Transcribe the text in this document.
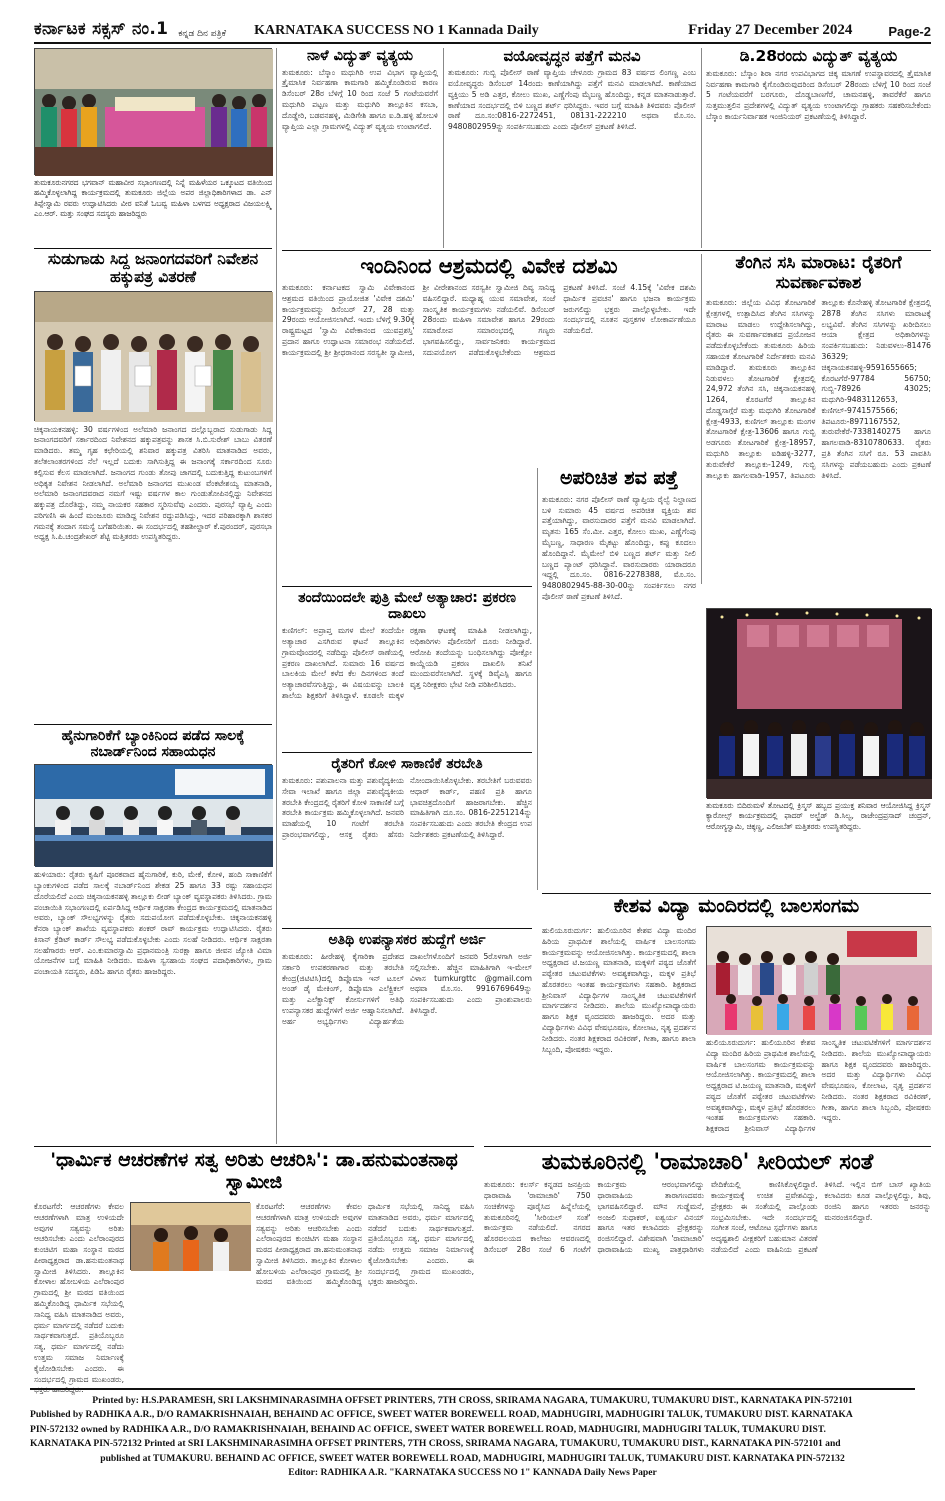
ಕರ್ನಾಟಕ ಸಕ್ಸಸ್ ನಂ.1 ಕನ್ನಡ ದಿನ ಪತ್ರಿಕೆ KARNATAKA SUCCESS NO 1 Kannada Daily	Friday 27 December 2024	Page-2
ತುಮಕೂರುನಗರದ ಭಗವಾನ್ ಮಹಾವೀರ ಸಭಾಂಗಣದಲ್ಲಿ ನಿನ್ನೆ ಮಹಿಳೆಯರ ಒಕ್ಕೂಟದ ವತಿಯಿಂದ ಹಮ್ಮಿಕೊಳ್ಳಲಾಗಿದ್ದ ಕಾರ್ಯಕ್ರಮದಲ್ಲಿ ತುಮಕೂರು ಜಿಲ್ಲೆಯ ಅಪರ ಜಿಲ್ಲಾಧಿಕಾರಿಗಳಾದ ಡಾ. ಎನ್ ತಿಪ್ಪೇಸ್ವಾಮಿ ರವರು ಉದ್ಘಾಟಿಸಿದರು ವೀರ ವನಿತೆ ಓಬವ್ವ ಮಹಿಳಾ ಬಳಗದ ಅಧ್ಯಕ್ಷರಾದ ವಿಜಯಲಕ್ಷ್ಮಿ ಎಂ.ಆರ್. ಮತ್ತು ಸಂಘದ ಸದಸ್ಯರು ಹಾಜರಿದ್ದರು
ಸುಡುಗಾಡು ಸಿದ್ದ ಜನಾಂಗದವರಿಗೆ ನಿವೇಶನ ಹಕ್ಕುಪತ್ರ ವಿತರಣೆ
ಚಿಕ್ಕನಾಯಕನಹಳ್ಳಿ: 30 ವರ್ಷಗಳಿಂದ ಅಲೆಮಾರಿ ಜನಾಂಗದ ದಲ್ಲೊಬ್ಬರಾದ ಸುಡುಗಾಡು ಸಿದ್ದ ಜನಾಂಗದವರಿಗೆ ಸರ್ಕಾರದಿಂದ ನಿವೇಶನದ ಹಕ್ಕುಪತ್ರವನ್ನು ಶಾಸಕ ಸಿ.ಬಿ.ಸುರೇಶ್ ಬಾಬು ವಿತರಣೆ ಮಾಡಿದರು. ತಮ್ಮ ಗೃಹ ಕಛೇರಿಯಲ್ಲಿ ಶನಿವಾರ ಹಕ್ಕುಪತ್ರ ವಿತರಿಸಿ ಮಾತನಾಡಿದ ಅವರು, ತಲೆತಲಾಂತರಗಳಿಂದ ನೆಲೆ ಇಲ್ಲದೆ ಬದುಕು ಸಾಗಿಸುತ್ತಿದ್ದ ಈ ಜನಾಂಗಕ್ಕೆ ಸರ್ಕಾರದಿಂದ ಸೂರು ಕಲ್ಪಿಸುವ ಕೆಲಸ ಮಾಡಲಾಗಿದೆ. ಜನಾಂಗದ ಗುಂಡು ತೋಪು ಜಾಗದಲ್ಲಿ ಬದುಕುತ್ತಿದ್ದ ಕುಟುಂಬಗಳಿಗೆ ಅಧಿಕೃತ ನಿವೇಶನ ನೀಡಲಾಗಿದೆ. ಅಲೆಮಾರಿ ಜನಾಂಗದ ಮುಖಂಡ ವೆಂಕಟೇಶಯ್ಯ ಮಾತನಾಡಿ, ಅಲೆಮಾರಿ ಜನಾಂಗದವರಾದ ನಮಗೆ ಇಷ್ಟು ವರ್ಷಗಳ ಕಾಲ ಗುಂಡುತೋಪಿನಲ್ಲಿದ್ದು ನಿವೇಶನದ ಹಕ್ಕುಪತ್ರ ದೊರೆತಿದ್ದು, ನಮ್ಮ ನಾಯಕರ ಸಹಕಾರ ಸ್ಮರಿಸುವೆವು ಎಂದರು. ಪುರಸಭೆ ವ್ಯಾಪ್ತಿ ಎಂದು ಪರಿಗಣಿಸಿ ಈ ಹಿಂದೆ ಮಂಜೂರು ಮಾಡಿದ್ದ ನಿವೇಶನ ರದ್ದುಪಡಿಸಿದ್ದು, ಇದರ ಪರಿಹಾರಕ್ಕಾಗಿ ಶಾಸಕರ ಗಮನಕ್ಕೆ ತಂದಾಗ ಸಮಸ್ಯೆ ಬಗೆಹರಿಯಿತು. ಈ ಸಂದರ್ಭದಲ್ಲಿ ತಹಶೀಲ್ದಾರ್ ಕೆ.ಪುರಂದರ್, ಪುರಸಭಾ ಅಧ್ಯಕ್ಷ ಸಿ.ಪಿ.ಚಂದ್ರಶೇಖರ್ ಶೆಟ್ಟಿ ಮತ್ತಿತರರು ಉಪಸ್ಥಿತರಿದ್ದರು.
ಹೈನುಗಾರಿಕೆಗೆ ಬ್ಯಾಂಕಿನಿಂದ ಪಡೆದ ಸಾಲಕ್ಕೆ ನಬಾರ್ಡ್‌ನಿಂದ ಸಹಾಯಧನ
ಹುಳಿಯಾರು: ರೈತರು ಕೃಷಿಗೆ ಪೂರಕವಾದ ಹೈನುಗಾರಿಕೆ, ಕುರಿ, ಮೇಕೆ, ಕೋಳಿ, ಹಂದಿ ಸಾಕಾಣಿಕೆಗೆ ಬ್ಯಾಂಕುಗಳಿಂದ ಪಡೆದ ಸಾಲಕ್ಕೆ ನಬಾರ್ಡ್‌ನಿಂದ ಶೇಕಡ 25 ಹಾಗೂ 33 ರಷ್ಟು ಸಹಾಯಧನ ದೊರೆಯಲಿದೆ ಎಂದು ಚಿಕ್ಕನಾಯಕನಹಳ್ಳಿ ತಾಲ್ಲೂಕು ಲೀಡ್ ಬ್ಯಾಂಕ್ ವ್ಯವಸ್ಥಾಪಕರು ತಿಳಿಸಿದರು. ಗ್ರಾಮ ಪಂಚಾಯಿತಿ ಸಭಾಂಗಣದಲ್ಲಿ ಏರ್ಪಡಿಸಿದ್ದ ಆರ್ಥಿಕ ಸಾಕ್ಷರತಾ ಕೇಂದ್ರದ ಕಾರ್ಯಕ್ರಮದಲ್ಲಿ ಮಾತನಾಡಿದ ಅವರು, ಬ್ಯಾಂಕ್ ಸೌಲಭ್ಯಗಳನ್ನು ರೈತರು ಸದುಪಯೋಗ ಪಡೆದುಕೊಳ್ಳಬೇಕು. ಚಿಕ್ಕನಾಯಕನಹಳ್ಳಿ ಕೆನರಾ ಬ್ಯಾಂಕ್ ಶಾಖೆಯ ವ್ಯವಸ್ಥಾಪಕರು ಶಂಕರ್ ರಾವ್ ಕಾರ್ಯಕ್ರಮ ಉದ್ಘಾಟಿಸಿದರು. ರೈತರು ಕಿಸಾನ್ ಕ್ರೆಡಿಟ್ ಕಾರ್ಡ್ ಸೌಲಭ್ಯ ಪಡೆದುಕೊಳ್ಳಬೇಕು ಎಂದು ಸಲಹೆ ನೀಡಿದರು. ಆರ್ಥಿಕ ಸಾಕ್ಷರತಾ ಸಲಹೆಗಾರರು ಆರ್. ಎಂ.ಕುಮಾರಸ್ವಾಮಿ ಪ್ರಧಾನಮಂತ್ರಿ ಸುರಕ್ಷಾ ಹಾಗೂ ಜೀವನ ಜ್ಯೋತಿ ವಿಮಾ ಯೋಜನೆಗಳ ಬಗ್ಗೆ ಮಾಹಿತಿ ನೀಡಿದರು. ಮಹಿಳಾ ಸ್ವಸಹಾಯ ಸಂಘದ ಪದಾಧಿಕಾರಿಗಳು, ಗ್ರಾಮ ಪಂಚಾಯತಿ ಸದಸ್ಯರು, ಪಿಡಿಓ ಹಾಗೂ ರೈತರು ಹಾಜರಿದ್ದರು.
'ಧಾರ್ಮಿಕ ಆಚರಣೆಗಳ ಸತ್ವ ಅರಿತು ಆಚರಿಸಿ': ಡಾ.ಹನುಮಂತನಾಥ ಸ್ವಾಮೀಜಿ
ಕೊರಟಗೆರೆ: ಆಚರಣೆಗಳು ಕೇವಲ ಆಚರಣೆಗಳಾಗಿ ಮಾತ್ರ ಉಳಿಯದೇ ಅವುಗಳ ಸತ್ವವನ್ನು ಅರಿತು ಆಚರಿಸಬೇಕು ಎಂದು ಎಲೆರಾಂಪುರದ ಕುಂಚಿಟಿಗ ಮಹಾ ಸಂಸ್ಥಾನ ಮಠದ ಪೀಠಾಧ್ಯಕ್ಷರಾದ ಡಾ.ಹನುಮಂತನಾಥ ಸ್ವಾಮೀಜಿ ತಿಳಿಸಿದರು. ತಾಲ್ಲೂಕಿನ ಕೋಳಾಲ ಹೋಬಳಿಯ ಎಲೆರಾಂಪುರ ಗ್ರಾಮದಲ್ಲಿ ಶ್ರೀ ಮಠದ ವತಿಯಿಂದ ಹಮ್ಮಿಕೊಂಡಿದ್ದ ಧಾರ್ಮಿಕ ಸಭೆಯಲ್ಲಿ ಸಾನಿಧ್ಯ ವಹಿಸಿ ಮಾತನಾಡಿದ ಅವರು, ಧರ್ಮ ಮಾರ್ಗದಲ್ಲಿ ನಡೆದರೆ ಬದುಕು ಸಾರ್ಥಕವಾಗುತ್ತದೆ. ಪ್ರತಿಯೊಬ್ಬರೂ ಸತ್ಯ, ಧರ್ಮ ಮಾರ್ಗದಲ್ಲಿ ನಡೆದು ಉತ್ತಮ ಸಮಾಜ ನಿರ್ಮಾಣಕ್ಕೆ ಕೈಜೋಡಿಸಬೇಕು ಎಂದರು. ಈ ಸಂದರ್ಭದಲ್ಲಿ ಗ್ರಾಮದ ಮುಖಂಡರು, ಭಕ್ತರು ಹಾಜರಿದ್ದರು.
ಕೊರಟಗೆರೆ: ಆಚರಣೆಗಳು ಕೇವಲ ಆಚರಣೆಗಳಾಗಿ ಮಾತ್ರ ಉಳಿಯದೇ ಅವುಗಳ ಸತ್ವವನ್ನು ಅರಿತು ಆಚರಿಸಬೇಕು ಎಂದು ಎಲೆರಾಂಪುರದ ಕುಂಚಿಟಿಗ ಮಹಾ ಸಂಸ್ಥಾನ ಮಠದ ಪೀಠಾಧ್ಯಕ್ಷರಾದ ಡಾ.ಹನುಮಂತನಾಥ ಸ್ವಾಮೀಜಿ ತಿಳಿಸಿದರು. ತಾಲ್ಲೂಕಿನ ಕೋಳಾಲ ಹೋಬಳಿಯ ಎಲೆರಾಂಪುರ ಗ್ರಾಮದಲ್ಲಿ ಶ್ರೀ ಮಠದ ವತಿಯಿಂದ ಹಮ್ಮಿಕೊಂಡಿದ್ದ ಧಾರ್ಮಿಕ ಸಭೆಯಲ್ಲಿ ಸಾನಿಧ್ಯ ವಹಿಸಿ ಮಾತನಾಡಿದ ಅವರು, ಧರ್ಮ ಮಾರ್ಗದಲ್ಲಿ ನಡೆದರೆ ಬದುಕು ಸಾರ್ಥಕವಾಗುತ್ತದೆ. ಪ್ರತಿಯೊಬ್ಬರೂ ಸತ್ಯ, ಧರ್ಮ ಮಾರ್ಗದಲ್ಲಿ ನಡೆದು ಉತ್ತಮ ಸಮಾಜ ನಿರ್ಮಾಣಕ್ಕೆ ಕೈಜೋಡಿಸಬೇಕು ಎಂದರು. ಈ ಸಂದರ್ಭದಲ್ಲಿ ಗ್ರಾಮದ ಮುಖಂಡರು, ಭಕ್ತರು ಹಾಜರಿದ್ದರು.
ನಾಳೆ ವಿದ್ಯುತ್ ವ್ಯತ್ಯಯ
ತುಮಕೂರು: ಬೆಸ್ಕಾಂ ಮಧುಗಿರಿ ಉಪ ವಿಭಾಗ ವ್ಯಾಪ್ತಿಯಲ್ಲಿ ತ್ರೈಮಾಸಿಕ ನಿರ್ವಹಣಾ ಕಾಮಗಾರಿ ಹಮ್ಮಿಕೊಂಡಿರುವ ಕಾರಣ ಡಿಸೆಂಬರ್ 28ರ ಬೆಳಿಗ್ಗೆ 10 ರಿಂದ ಸಂಜೆ 5 ಗಂಟೆಯವರೆಗೆ ಮಧುಗಿರಿ ಪಟ್ಟಣ ಮತ್ತು ಮಧುಗಿರಿ ತಾಲ್ಲೂಕಿನ ಕಸಬಾ, ದೊಡ್ಡೇರಿ, ಬಡವನಹಳ್ಳಿ, ಮಿಡಿಗೇಶಿ ಹಾಗೂ ಐ.ಡಿ.ಹಳ್ಳಿ ಹೋಬಳಿ ವ್ಯಾಪ್ತಿಯ ಎಲ್ಲಾ ಗ್ರಾಮಗಳಲ್ಲಿ ವಿದ್ಯುತ್ ವ್ಯತ್ಯಯ ಉಂಟಾಗಲಿದೆ.
ವಯೋವೃದ್ಧನ ಪತ್ತೆಗೆ ಮನವಿ
ತುಮಕೂರು: ಗುಬ್ಬಿ ಪೊಲೀಸ್ ಠಾಣೆ ವ್ಯಾಪ್ತಿಯ ಚೇಳೂರು ಗ್ರಾಮದ 83 ವರ್ಷದ ಲಿಂಗಣ್ಣ ಎಂಬ ವಯೋವೃದ್ಧರು ಡಿಸೆಂಬರ್ 14ರಂದು ಕಾಣೆಯಾಗಿದ್ದು ಪತ್ತೆಗೆ ಮನವಿ ಮಾಡಲಾಗಿದೆ. ಕಾಣೆಯಾದ ವ್ಯಕ್ತಿಯು 5 ಅಡಿ ಎತ್ತರ, ಕೋಲು ಮುಖ, ಎಣ್ಣೆಗೆಂಪು ಮೈಬಣ್ಣ ಹೊಂದಿದ್ದು, ಕನ್ನಡ ಮಾತನಾಡುತ್ತಾರೆ. ಕಾಣೆಯಾದ ಸಂದರ್ಭದಲ್ಲಿ ಬಿಳಿ ಬಣ್ಣದ ಶರ್ಟ್ ಧರಿಸಿದ್ದರು. ಇವರ ಬಗ್ಗೆ ಮಾಹಿತಿ ತಿಳಿದವರು ಪೊಲೀಸ್ ಠಾಣೆ ದೂ.ಸಂ:0816-2272451, 08131-222210 ಅಥವಾ ಮೊ.ಸಂ. 9480802959ನ್ನು ಸಂಪರ್ಕಿಸಬಹುದು ಎಂದು ಪೊಲೀಸ್ ಪ್ರಕಟಣೆ ತಿಳಿಸಿದೆ.
ಡಿ.28ರಂದು ವಿದ್ಯುತ್ ವ್ಯತ್ಯಯ
ತುಮಕೂರು: ಬೆಸ್ಕಾಂ ಶಿರಾ ನಗರ ಉಪವಿಭಾಗದ ಚಿಕ್ಕ ಮಾಗಣೆ ಉಪಸ್ಥಾವರದಲ್ಲಿ ತ್ರೈಮಾಸಿಕ ನಿರ್ವಹಣಾ ಕಾಮಗಾರಿ ಕೈಗೊಂಡಿರುವುದರಿಂದ ಡಿಸೆಂಬರ್ 28ರಂದು ಬೆಳಿಗ್ಗೆ 10 ರಿಂದ ಸಂಜೆ 5 ಗಂಟೆಯವರೆಗೆ ಬರಗೂರು, ದೊಡ್ಡಬಾಣಗೆರೆ, ಚಾಮನಹಳ್ಳಿ, ತಾವರೆಕೆರೆ ಹಾಗೂ ಸುತ್ತಮುತ್ತಲಿನ ಪ್ರದೇಶಗಳಲ್ಲಿ ವಿದ್ಯುತ್ ವ್ಯತ್ಯಯ ಉಂಟಾಗಲಿದ್ದು ಗ್ರಾಹಕರು ಸಹಕರಿಸಬೇಕೆಂದು ಬೆಸ್ಕಾಂ ಕಾರ್ಯನಿರ್ವಾಹಕ ಇಂಜಿನಿಯರ್ ಪ್ರಕಟಣೆಯಲ್ಲಿ ತಿಳಿಸಿದ್ದಾರೆ.
ಇಂದಿನಿಂದ ಆಶ್ರಮದಲ್ಲಿ ವಿವೇಕ ದಶಮಿ
ತುಮಕೂರು: ಕರ್ನಾಟಕದ ಸ್ವಾಮಿ ವಿವೇಕಾನಂದ ಆಶ್ರಮದ ವತಿಯಿಂದ ಪ್ರಾಯೋಜಿತ 'ವಿವೇಕ ದಶಮಿ' ಕಾರ್ಯಕ್ರಮವನ್ನು ಡಿಸೆಂಬರ್ 27, 28 ಮತ್ತು 29ರಂದು ಆಯೋಜಿಸಲಾಗಿದೆ. ಇಂದು ಬೆಳಿಗ್ಗೆ 9.30ಕ್ಕೆ ರಾಷ್ಟ್ರಮಟ್ಟದ 'ಸ್ವಾಮಿ ವಿವೇಕಾನಂದ ಯುವಪ್ರಶಸ್ತಿ' ಪ್ರದಾನ ಹಾಗೂ ಉದ್ಘಾಟನಾ ಸಮಾರಂಭ ನಡೆಯಲಿದೆ. ಕಾರ್ಯಕ್ರಮದಲ್ಲಿ ಶ್ರೀ ಶ್ರೀಧರಾನಂದ ಸರಸ್ವತೀ ಸ್ವಾಮೀಜಿ, ಶ್ರೀ ವೀರೇಶಾನಂದ ಸರಸ್ವತೀ ಸ್ವಾಮೀಜಿ ದಿವ್ಯ ಸಾನಿಧ್ಯ ವಹಿಸಲಿದ್ದಾರೆ. ಮಧ್ಯಾಹ್ನ ಯುವ ಸಮಾವೇಶ, ಸಂಜೆ ಸಾಂಸ್ಕೃತಿಕ ಕಾರ್ಯಕ್ರಮಗಳು ನಡೆಯಲಿವೆ. ಡಿಸೆಂಬರ್ 28ರಂದು ಮಹಿಳಾ ಸಮಾವೇಶ ಹಾಗೂ 29ರಂದು ಸಮಾರೋಪ ಸಮಾರಂಭದಲ್ಲಿ ಗಣ್ಯರು ಭಾಗವಹಿಸಲಿದ್ದು, ಸಾರ್ವಜನಿಕರು ಕಾರ್ಯಕ್ರಮದ ಸದುಪಯೋಗ ಪಡೆದುಕೊಳ್ಳಬೇಕೆಂದು ಆಶ್ರಮದ ಪ್ರಕಟಣೆ ತಿಳಿಸಿದೆ. ಸಂಜೆ 4.15ಕ್ಕೆ 'ವಿವೇಕ ದಶಮಿ ಧಾರ್ಮಿಕ ಪ್ರವಚನ' ಹಾಗೂ ಭಜನಾ ಕಾರ್ಯಕ್ರಮ ಜರುಗಲಿದ್ದು ಭಕ್ತರು ಪಾಲ್ಗೊಳ್ಳಬೇಕು. ಇದೇ ಸಂದರ್ಭದಲ್ಲಿ ನೂತನ ಪುಸ್ತಕಗಳ ಲೋಕಾರ್ಪಣೆಯೂ ನಡೆಯಲಿದೆ.
ತೆಂಗಿನ ಸಸಿ ಮಾರಾಟ: ರೈತರಿಗೆ ಸುವರ್ಣಾವಕಾಶ
ತುಮಕೂರು: ಜಿಲ್ಲೆಯ ವಿವಿಧ ತೋಟಗಾರಿಕೆ ಕ್ಷೇತ್ರಗಳಲ್ಲಿ ಉತ್ಪಾದಿಸಿದ ತೆಂಗಿನ ಸಸಿಗಳನ್ನು ಮಾರಾಟ ಮಾಡಲು ಉದ್ದೇಶಿಸಲಾಗಿದ್ದು, ರೈತರು ಈ ಸುವರ್ಣಾವಕಾಶದ ಪ್ರಯೋಜನ ಪಡೆದುಕೊಳ್ಳಬೇಕೆಂದು ತುಮಕೂರು ಹಿರಿಯ ಸಹಾಯಕ ತೋಟಗಾರಿಕೆ ನಿರ್ದೇಶಕರು ಮನವಿ ಮಾಡಿದ್ದಾರೆ. ತುಮಕೂರು ತಾಲ್ಲೂಕಿನ ನಿಡುವಳಲು ತೋಟಗಾರಿಕೆ ಕ್ಷೇತ್ರದಲ್ಲಿ 24,972 ತೆಂಗಿನ ಸಸಿ, ಚಿಕ್ಕನಾಯಕನಹಳ್ಳಿ 1264, ಕೊರಟಗೆರೆ ತಾಲ್ಲೂಕಿನ ದೊಡ್ಡಸಾಗ್ಗೆರೆ ಮತ್ತು ಮಧುಗಿರಿ ತೋಟಗಾರಿಕೆ ಕ್ಷೇತ್ರ-4933, ಕುಣಿಗಲ್ ತಾಲ್ಲೂಕು ಮಂಗಳ ತೋಟಗಾರಿಕೆ ಕ್ಷೇತ್ರ-13606 ಹಾಗೂ ಗುಬ್ಬಿ ಅಡಗೂರು ತೋಟಗಾರಿಕೆ ಕ್ಷೇತ್ರ-18957, ಮಧುಗಿರಿ ತಾಲ್ಲೂಕು ಐಡಿಹಳ್ಳಿ-3277, ತುರುವೇಕೆರೆ ತಾಲ್ಲೂಕು-1249, ಗುಬ್ಬಿ ತಾಲ್ಲೂಕು ಹಾಗಲವಾಡಿ-1957, ತಿಪಟೂರು ತಾಲ್ಲೂಕು ಕೊನೇಹಳ್ಳಿ ತೋಟಗಾರಿಕೆ ಕ್ಷೇತ್ರದಲ್ಲಿ 2878 ತೆಂಗಿನ ಸಸಿಗಳು ಮಾರಾಟಕ್ಕೆ ಲಭ್ಯವಿವೆ. ತೆಂಗಿನ ಸಸಿಗಳನ್ನು ಖರೀದಿಸಲು ಆಯಾ ಕ್ಷೇತ್ರದ ಅಧಿಕಾರಿಗಳನ್ನು ಸಂಪರ್ಕಿಸಬಹುದು: ನಿಡುವಳಲು-81476 36329; ಚಿಕ್ಕನಾಯಕನಹಳ್ಳಿ-9591655665; ಕೊರಟಗೆರೆ-97784 56750; ಗುಬ್ಬಿ-78926 43025; ಮಧುಗಿರಿ-9483112653, ಕುಣಿಗಲ್-9741575566; ತಿಪಟೂರು-8971167552, ತುರುವೇಕೆರೆ-7338140275 ಹಾಗೂ ಹಾಗಲವಾಡಿ-8310780633. ರೈತರು ಪ್ರತಿ ತೆಂಗಿನ ಸಸಿಗೆ ರೂ. 53 ಪಾವತಿಸಿ ಸಸಿಗಳನ್ನು ಪಡೆಯಬಹುದು ಎಂದು ಪ್ರಕಟಣೆ ತಿಳಿಸಿದೆ.
ತಂದೆಯಿಂದಲೇ ಪುತ್ರಿ ಮೇಲೆ ಅತ್ಯಾಚಾರ: ಪ್ರಕರಣ ದಾಖಲು
ಕುಣಿಗಲ್: ಅಪ್ರಾಪ್ತ ಮಗಳ ಮೇಲೆ ತಂದೆಯೇ ಅತ್ಯಾಚಾರ ಎಸಗಿರುವ ಘಟನೆ ತಾಲ್ಲೂಕಿನ ಗ್ರಾಮವೊಂದರಲ್ಲಿ ನಡೆದಿದ್ದು ಪೊಲೀಸ್ ಠಾಣೆಯಲ್ಲಿ ಪ್ರಕರಣ ದಾಖಲಾಗಿದೆ. ಸುಮಾರು 16 ವರ್ಷದ ಬಾಲಕಿಯ ಮೇಲೆ ಕಳೆದ ಕೆಲ ದಿನಗಳಿಂದ ತಂದೆ ಅತ್ಯಾಚಾರವೆಸಗುತ್ತಿದ್ದು, ಈ ವಿಷಯವನ್ನು ಬಾಲಕಿ ಶಾಲೆಯ ಶಿಕ್ಷಕರಿಗೆ ತಿಳಿಸಿದ್ದಾಳೆ. ಕೂಡಲೇ ಮಕ್ಕಳ ರಕ್ಷಣಾ ಘಟಕಕ್ಕೆ ಮಾಹಿತಿ ನೀಡಲಾಗಿದ್ದು, ಅಧಿಕಾರಿಗಳು ಪೊಲೀಸರಿಗೆ ದೂರು ನೀಡಿದ್ದಾರೆ. ಆರೋಪಿ ತಂದೆಯನ್ನು ಬಂಧಿಸಲಾಗಿದ್ದು ಪೋಕ್ಸೋ ಕಾಯ್ದೆಯಡಿ ಪ್ರಕರಣ ದಾಖಲಿಸಿ ತನಿಖೆ ಮುಂದುವರೆಸಲಾಗಿದೆ. ಸ್ಥಳಕ್ಕೆ ಡಿವೈಎಸ್ಪಿ ಹಾಗೂ ವೃತ್ತ ನಿರೀಕ್ಷಕರು ಭೇಟಿ ನೀಡಿ ಪರಿಶೀಲಿಸಿದರು.
ಅಪರಿಚಿತ ಶವ ಪತ್ತೆ
ತುಮಕೂರು: ನಗರ ಪೊಲೀಸ್ ಠಾಣೆ ವ್ಯಾಪ್ತಿಯ ರೈಲ್ವೆ ನಿಲ್ದಾಣದ ಬಳಿ ಸುಮಾರು 45 ವರ್ಷದ ಅಪರಿಚಿತ ವ್ಯಕ್ತಿಯ ಶವ ಪತ್ತೆಯಾಗಿದ್ದು, ವಾರಸುದಾರರ ಪತ್ತೆಗೆ ಮನವಿ ಮಾಡಲಾಗಿದೆ. ಮೃತನು 165 ಸೆಂ.ಮೀ. ಎತ್ತರ, ಕೋಲು ಮುಖ, ಎಣ್ಣೆಗೆಂಪು ಮೈಬಣ್ಣ, ಸಾಧಾರಣ ಮೈಕಟ್ಟು ಹೊಂದಿದ್ದು, ಕಪ್ಪು ಕೂದಲು ಹೊಂದಿದ್ದಾನೆ. ಮೈಮೇಲೆ ಬಿಳಿ ಬಣ್ಣದ ಶರ್ಟ್ ಮತ್ತು ನೀಲಿ ಬಣ್ಣದ ಪ್ಯಾಂಟ್ ಧರಿಸಿದ್ದಾನೆ. ವಾರಸುದಾರರು ಯಾರಾದರೂ ಇದ್ದಲ್ಲಿ ದೂ.ಸಂ. 0816-2278388, ಮೊ.ಸಂ. 9480802945-88-30-00ನ್ನು ಸಂಪರ್ಕಿಸಲು ನಗರ ಪೊಲೀಸ್ ಠಾಣೆ ಪ್ರಕಟಣೆ ತಿಳಿಸಿದೆ.
ರೈತರಿಗೆ ಕೋಳಿ ಸಾಕಾಣಿಕೆ ತರಬೇತಿ
ತುಮಕೂರು: ಪಶುಪಾಲನಾ ಮತ್ತು ಪಶುವೈದ್ಯಕೀಯ ಸೇವಾ ಇಲಾಖೆ ಹಾಗೂ ಜಿಲ್ಲಾ ಪಶುವೈದ್ಯಕೀಯ ತರಬೇತಿ ಕೇಂದ್ರದಲ್ಲಿ ರೈತರಿಗೆ ಕೋಳಿ ಸಾಕಾಣಿಕೆ ಬಗ್ಗೆ ತರಬೇತಿ ಕಾರ್ಯಕ್ರಮ ಹಮ್ಮಿಕೊಳ್ಳಲಾಗಿದೆ. ಜನವರಿ ಮಾಹೆಯಲ್ಲಿ 10 ಗಂಟೆಗೆ ತರಬೇತಿ ಪ್ರಾರಂಭವಾಗಲಿದ್ದು, ಆಸಕ್ತ ರೈತರು ಹೆಸರು ನೋಂದಾಯಿಸಿಕೊಳ್ಳಬೇಕು. ತರಬೇತಿಗೆ ಬರುವವರು ಆಧಾರ್ ಕಾರ್ಡ್, ಪಹಣಿ ಪ್ರತಿ ಹಾಗೂ ಭಾವಚಿತ್ರದೊಂದಿಗೆ ಹಾಜರಾಗಬೇಕು. ಹೆಚ್ಚಿನ ಮಾಹಿತಿಗಾಗಿ ದೂ.ಸಂ. 0816-2251214ನ್ನು ಸಂಪರ್ಕಿಸಬಹುದು ಎಂದು ತರಬೇತಿ ಕೇಂದ್ರದ ಉಪ ನಿರ್ದೇಶಕರು ಪ್ರಕಟಣೆಯಲ್ಲಿ ತಿಳಿಸಿದ್ದಾರೆ.
ಅತಿಥಿ ಉಪನ್ಯಾಸಕರ ಹುದ್ದೆಗೆ ಅರ್ಜಿ
ತುಮಕೂರು: ಹೀರೇಹಳ್ಳಿ ಕೈಗಾರಿಕಾ ಪ್ರದೇಶದ ಸರ್ಕಾರಿ ಉಪಕರಣಾಗಾರ ಮತ್ತು ತರಬೇತಿ ಕೇಂದ್ರ(ಜಿಟಿಟಿಸಿ)ದಲ್ಲಿ ಡಿಪ್ಲೊಮಾ ಇನ್ ಟೂಲ್ ಅಂಡ್ ಡೈ ಮೇಕಿಂಗ್, ಡಿಪ್ಲೊಮಾ ಎಲೆಕ್ಟ್ರಿಕಲ್ ಮತ್ತು ಎಲೆಕ್ಟ್ರಾನಿಕ್ಸ್ ಕೋರ್ಸುಗಳಿಗೆ ಅತಿಥಿ ಉಪನ್ಯಾಸಕರ ಹುದ್ದೆಗಳಿಗೆ ಅರ್ಜಿ ಆಹ್ವಾನಿಸಲಾಗಿದೆ. ಅರ್ಹ ಅಭ್ಯರ್ಥಿಗಳು ವಿದ್ಯಾರ್ಹತೆಯ ದಾಖಲೆಗಳೊಂದಿಗೆ ಜನವರಿ 5ರೊಳಗಾಗಿ ಅರ್ಜಿ ಸಲ್ಲಿಸಬೇಕು. ಹೆಚ್ಚಿನ ಮಾಹಿತಿಗಾಗಿ ಇ-ಮೇಲ್ ವಿಳಾಸ tumkurgttc @gmail.com ಅಥವಾ ಮೊ.ಸಂ. 9916769649ನ್ನು ಸಂಪರ್ಕಿಸಬಹುದು ಎಂದು ಪ್ರಾಂಶುಪಾಲರು ತಿಳಿಸಿದ್ದಾರೆ.
ತುಮಕೂರು ಬಿದಿರುಮಳೆ ತೋಟದಲ್ಲಿ ಕ್ರಿಸ್ಮಸ್ ಹಬ್ಬದ ಪ್ರಯುಕ್ತ ಶನಿವಾರ ಆಯೋಜಿಸಿದ್ದ ಕ್ರಿಸ್ಮಸ್ ಕ್ಯಾರೋಲ್ಸ್ ಕಾರ್ಯಕ್ರಮದಲ್ಲಿ ಫಾದರ್ ಅಲ್ಫ್ರೆಡ್ ಡಿ.ಸಿಲ್ವ, ರಾಜೇಂದ್ರಪ್ರಸಾದ್ ಚಂದ್ರನ್, ಆರೋಗ್ಯಸ್ವಾಮಿ, ಚಿಕ್ಕಣ್ಣ, ಎಲಿಜಬೆತ್ ಮತ್ತಿತರರು ಉಪಸ್ಥಿತರಿದ್ದರು.
ಕೇಶವ ವಿದ್ಯಾ ಮಂದಿರದಲ್ಲಿ ಬಾಲಸಂಗಮ
ಹುಲಿಯೂರುದುರ್ಗ: ಹುಲಿಯೂರಿನ ಕೇಶವ ವಿದ್ಯಾ ಮಂದಿರ ಹಿರಿಯ ಪ್ರಾಥಮಿಕ ಶಾಲೆಯಲ್ಲಿ ವಾರ್ಷಿಕ ಬಾಲಸಂಗಮ ಕಾರ್ಯಕ್ರಮವನ್ನು ಆಯೋಜಿಸಲಾಗಿತ್ತು. ಕಾರ್ಯಕ್ರಮದಲ್ಲಿ ಶಾಲಾ ಅಧ್ಯಕ್ಷರಾದ ಟಿ.ಜಯಣ್ಣ ಮಾತನಾಡಿ, ಮಕ್ಕಳಿಗೆ ಪಠ್ಯದ ಜೊತೆಗೆ ಪಠ್ಯೇತರ ಚಟುವಟಿಕೆಗಳು ಅವಶ್ಯಕವಾಗಿದ್ದು, ಮಕ್ಕಳ ಪ್ರತಿಭೆ ಹೊರತರಲು ಇಂತಹ ಕಾರ್ಯಕ್ರಮಗಳು ಸಹಕಾರಿ. ಶಿಕ್ಷಕರಾದ ಶ್ರೀನಿವಾಸ್ ವಿದ್ಯಾರ್ಥಿಗಳ ಸಾಂಸ್ಕೃತಿಕ ಚಟುವಟಿಕೆಗಳಿಗೆ ಮಾರ್ಗದರ್ಶನ ನೀಡಿದರು. ಶಾಲೆಯ ಮುಖ್ಯೋಪಾಧ್ಯಾಯರು ಹಾಗೂ ಶಿಕ್ಷಕ ವೃಂದದವರು ಹಾಜರಿದ್ದರು. ಅದರ ಮತ್ತು ವಿದ್ಯಾರ್ಥಿಗಳು ವಿವಿಧ ವೇಷಭೂಷಣ, ಕೋಲಾಟ, ನೃತ್ಯ ಪ್ರದರ್ಶನ ನೀಡಿದರು. ನಂತರ ಶಿಕ್ಷಕರಾದ ರವಿಕಿರಣ್, ಗೀತಾ, ಹಾಗೂ ಶಾಲಾ ಸಿಬ್ಬಂದಿ, ಪೋಷಕರು ಇದ್ದರು.
ಹುಲಿಯೂರುದುರ್ಗ: ಹುಲಿಯೂರಿನ ಕೇಶವ ವಿದ್ಯಾ ಮಂದಿರ ಹಿರಿಯ ಪ್ರಾಥಮಿಕ ಶಾಲೆಯಲ್ಲಿ ವಾರ್ಷಿಕ ಬಾಲಸಂಗಮ ಕಾರ್ಯಕ್ರಮವನ್ನು ಆಯೋಜಿಸಲಾಗಿತ್ತು. ಕಾರ್ಯಕ್ರಮದಲ್ಲಿ ಶಾಲಾ ಅಧ್ಯಕ್ಷರಾದ ಟಿ.ಜಯಣ್ಣ ಮಾತನಾಡಿ, ಮಕ್ಕಳಿಗೆ ಪಠ್ಯದ ಜೊತೆಗೆ ಪಠ್ಯೇತರ ಚಟುವಟಿಕೆಗಳು ಅವಶ್ಯಕವಾಗಿದ್ದು, ಮಕ್ಕಳ ಪ್ರತಿಭೆ ಹೊರತರಲು ಇಂತಹ ಕಾರ್ಯಕ್ರಮಗಳು ಸಹಕಾರಿ. ಶಿಕ್ಷಕರಾದ ಶ್ರೀನಿವಾಸ್ ವಿದ್ಯಾರ್ಥಿಗಳ ಸಾಂಸ್ಕೃತಿಕ ಚಟುವಟಿಕೆಗಳಿಗೆ ಮಾರ್ಗದರ್ಶನ ನೀಡಿದರು. ಶಾಲೆಯ ಮುಖ್ಯೋಪಾಧ್ಯಾಯರು ಹಾಗೂ ಶಿಕ್ಷಕ ವೃಂದದವರು ಹಾಜರಿದ್ದರು. ಅದರ ಮತ್ತು ವಿದ್ಯಾರ್ಥಿಗಳು ವಿವಿಧ ವೇಷಭೂಷಣ, ಕೋಲಾಟ, ನೃತ್ಯ ಪ್ರದರ್ಶನ ನೀಡಿದರು. ನಂತರ ಶಿಕ್ಷಕರಾದ ರವಿಕಿರಣ್, ಗೀತಾ, ಹಾಗೂ ಶಾಲಾ ಸಿಬ್ಬಂದಿ, ಪೋಷಕರು ಇದ್ದರು.
ತುಮಕೂರಿನಲ್ಲಿ 'ರಾಮಾಚಾರಿ' ಸೀರಿಯಲ್ ಸಂತೆ
ತುಮಕೂರು: ಕಲರ್ಸ್ ಕನ್ನಡದ ಜನಪ್ರಿಯ ಧಾರಾವಾಹಿ 'ರಾಮಾಚಾರಿ' 750 ಸಂಚಿಕೆಗಳನ್ನು ಪೂರೈಸಿದ ಹಿನ್ನೆಲೆಯಲ್ಲಿ ತುಮಕೂರಿನಲ್ಲಿ 'ಸೀರಿಯಲ್ ಸಂತೆ' ಕಾರ್ಯಕ್ರಮ ನಡೆಯಲಿದೆ. ನಗರದ ಹೊರವಲಯದ ಕಾಲೇಜು ಆವರಣದಲ್ಲಿ ಡಿಸೆಂಬರ್ 28ರ ಸಂಜೆ 6 ಗಂಟೆಗೆ ಕಾರ್ಯಕ್ರಮ ಆರಂಭವಾಗಲಿದ್ದು ಧಾರಾವಾಹಿಯ ತಾರಾಗಣದವರು ಭಾಗವಹಿಸಲಿದ್ದಾರೆ. ಮೌನ ಗುಡ್ಡೆಮನೆ, ಅಂಜಲಿ ಸುಧಾಕರ್, ಐಶ್ವರ್ಯ ವಿನಯ್ ಹಾಗೂ ಇತರ ಕಲಾವಿದರು ಪ್ರೇಕ್ಷಕರನ್ನು ರಂಜಿಸಲಿದ್ದಾರೆ. ವಿಶೇಷವಾಗಿ 'ರಾಮಾಚಾರಿ' ಧಾರಾವಾಹಿಯ ಮುಖ್ಯ ಪಾತ್ರಧಾರಿಗಳು ವೇದಿಕೆಯಲ್ಲಿ ಕಾಣಿಸಿಕೊಳ್ಳಲಿದ್ದಾರೆ. ಕಾರ್ಯಕ್ರಮಕ್ಕೆ ಉಚಿತ ಪ್ರವೇಶವಿದ್ದು, ಪ್ರೇಕ್ಷಕರು ಈ ಸಂತೆಯಲ್ಲಿ ಪಾಲ್ಗೊಂಡು ಸಂಭ್ರಮಿಸಬೇಕು. ಇದೇ ಸಂದರ್ಭದಲ್ಲಿ ಸಂಗೀತ ಸಂಜೆ, ಆಟೋಟ ಸ್ಪರ್ಧೆಗಳು ಹಾಗೂ ಅದೃಷ್ಟಶಾಲಿ ವೀಕ್ಷಕರಿಗೆ ಬಹುಮಾನ ವಿತರಣೆ ನಡೆಯಲಿದೆ ಎಂದು ವಾಹಿನಿಯ ಪ್ರಕಟಣೆ ತಿಳಿಸಿದೆ. ಇಲ್ಲಿನ ಬಿಗ್ ಬಾಸ್ ಖ್ಯಾತಿಯ ಕಲಾವಿದರು ಕೂಡ ಪಾಲ್ಗೊಳ್ಳಲಿದ್ದು, ಶಿವು, ರಂಜಿನಿ ಹಾಗೂ ಇತರರು ಜನರನ್ನು ಮನರಂಜಿಸಲಿದ್ದಾರೆ.
Printed by: H.S.PARAMESH, SRI LAKSHMINARASIMHA OFFSET PRINTERS, 7TH CROSS, SRIRAMA NAGARA, TUMAKURU, TUMAKURU DIST., KARNATAKA PIN-572101
Published by RADHIKA A.R., D/O RAMAKRISHNAIAH, BEHAIND AC OFFICE, SWEET WATER BOREWELL ROAD, MADHUGIRI, MADHUGIRI TALUK, TUMAKURU DIST. KARNATAKA
PIN-572132 owned by RADHIKA A.R., D/O RAMAKRISHNAIAH, BEHAIND AC OFFICE, SWEET WATER BOREWELL ROAD, MADHUGIRI, MADHUGIRI TALUK, TUMAKURU DIST.
KARNATAKA PIN-572132 Printed at SRI LAKSHMINARASIMHA OFFSET PRINTERS, 7TH CROSS, SRIRAMA NAGARA, TUMAKURU, TUMAKURU DIST., KARNATAKA PIN-572101 and
published at TUMAKURU. BEHAIND AC OFFICE, SWEET WATER BOREWELL ROAD, MADHUGIRI, MADHUGIRI TALUK, TUMAKURU DIST. KARNATAKA PIN-572132
Editor: RADHIKA A.R. "KARNATAKA SUCCESS NO 1" KANNADA Daily News Paper
